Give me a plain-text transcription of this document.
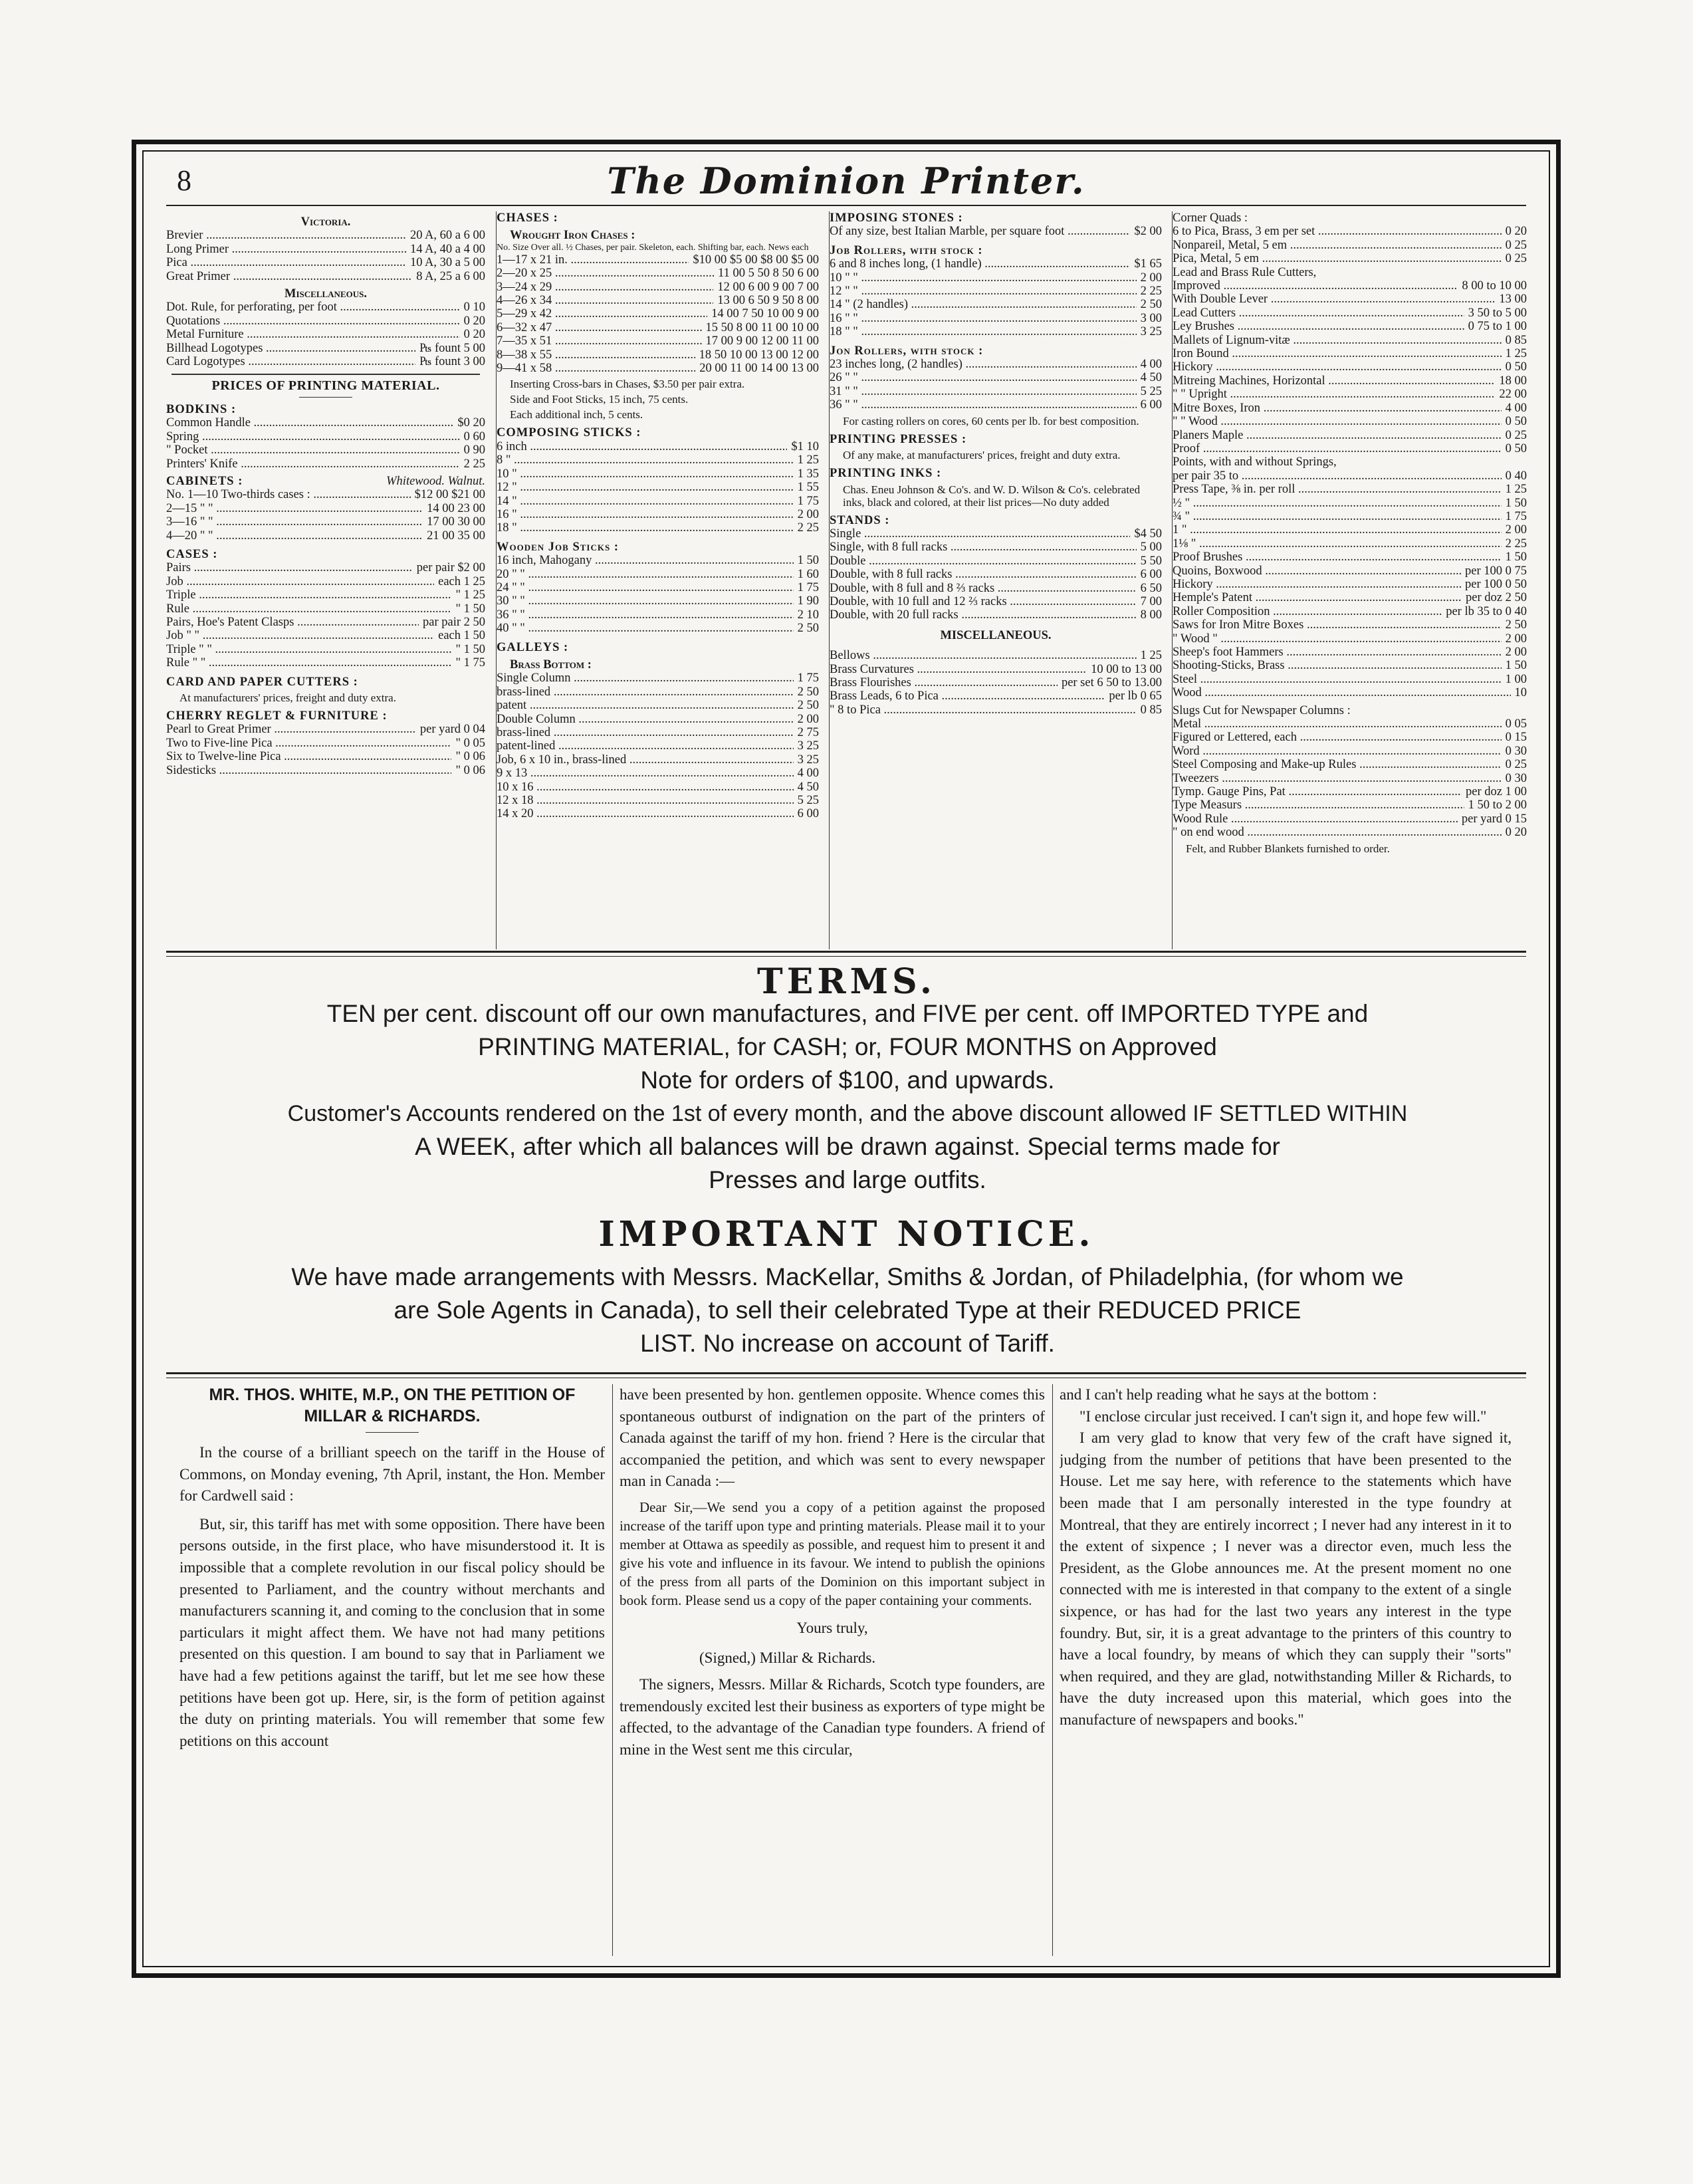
8	The Dominion Printer.
Victoria.
Brevier .....	20 A, 60 a 6 00
Long Primer .....	14 A, 40 a 4 00
Pica .....	10 A, 30 a 5 00
Great Primer .....	8 A, 25 a 6 00
Miscellaneous.
Dot. Rule, for perforating, per foot .....	0 10
Quotations .....	0 20
Metal Furniture .....	0 20
Billhead Logotypes .....	₧ fount 5 00
Card Logotypes .....	₧ fount 3 00
PRICES OF PRINTING MATERIAL.
BODKINS :
Common Handle .....	$0 20
Spring .....	0 60
" Pocket .....	0 90
Printers' Knife .....	2 25
CABINETS :	Whitewood. Walnut.
No. 1—10 Two-thirds cases : .....	$12 00 $21 00
2—15 " " .....	14 00 23 00
3—16 " " .....	17 00 30 00
4—20 " " .....	21 00 35 00
CASES :
Pairs .....	per pair $2 00
Job .....	each 1 25
Triple .....	" 1 25
Rule .....	" 1 50
Pairs, Hoe's Patent Clasps .....	par pair 2 50
Job " " .....	each 1 50
Triple " " .....	" 1 50
Rule " " .....	" 1 75
CARD AND PAPER CUTTERS :
At manufacturers' prices, freight and duty extra.
CHERRY REGLET & FURNITURE :
Pearl to Great Primer .....	per yard 0 04
Two to Five-line Pica .....	" 0 05
Six to Twelve-line Pica .....	" 0 06
Sidesticks .....	" 0 06
CHASES :
Wrought Iron Chases :
No. Size Over all. ½ Chases, per pair. Skeleton, each. Shifting bar, each. News each
1—17 x 21 in. .....	$10 00 $5 00 $8 00 $5 00
2—20 x 25 .....	11 00 5 50 8 50 6 00
3—24 x 29 .....	12 00 6 00 9 00 7 00
4—26 x 34 .....	13 00 6 50 9 50 8 00
5—29 x 42 .....	14 00 7 50 10 00 9 00
6—32 x 47 .....	15 50 8 00 11 00 10 00
7—35 x 51 .....	17 00 9 00 12 00 11 00
8—38 x 55 .....	18 50 10 00 13 00 12 00
9—41 x 58 .....	20 00 11 00 14 00 13 00
Inserting Cross-bars in Chases, $3.50 per pair extra.
Side and Foot Sticks, 15 inch, 75 cents.
Each additional inch, 5 cents.
COMPOSING STICKS :
6 inch .....	$1 10
8 " .....	1 25
10 " .....	1 35
12 " .....	1 55
14 " .....	1 75
16 " .....	2 00
18 " .....	2 25
Wooden Job Sticks :
16 inch, Mahogany .....	1 50
20 " " .....	1 60
24 " " .....	1 75
30 " " .....	1 90
36 " " .....	2 10
40 " " .....	2 50
GALLEYS :
Brass Bottom :
Single Column .....	1 75
brass-lined .....	2 50
patent .....	2 50
Double Column .....	2 00
brass-lined .....	2 75
patent-lined .....	3 25
Job, 6 x 10 in., brass-lined .....	3 25
9 x 13 .....	4 00
10 x 16 .....	4 50
12 x 18 .....	5 25
14 x 20 .....	6 00
IMPOSING STONES :
Of any size, best Italian Marble, per square foot .....	$2 00
Job Rollers, with stock :
6 and 8 inches long, (1 handle) .....	$1 65
10 " " .....	2 00
12 " " .....	2 25
14 " (2 handles) .....	2 50
16 " " .....	3 00
18 " " .....	3 25
Jon Rollers, with stock :
23 inches long, (2 handles) .....	4 00
26 " " .....	4 50
31 " " .....	5 25
36 " " .....	6 00
For casting rollers on cores, 60 cents per lb. for best composition.
PRINTING PRESSES :
Of any make, at manufacturers' prices, freight and duty extra.
PRINTING INKS :
Chas. Eneu Johnson & Co's. and W. D. Wilson & Co's. celebrated inks, black and colored, at their list prices—No duty added
STANDS :
Single .....	$4 50
Single, with 8 full racks .....	5 00
Double .....	5 50
Double, with 8 full racks .....	6 00
Double, with 8 full and 8 ⅔ racks .....	6 50
Double, with 10 full and 12 ⅔ racks .....	7 00
Double, with 20 full racks .....	8 00
MISCELLANEOUS.
Bellows .....	1 25
Brass Curvatures .....	10 00 to 13 00
Brass Flourishes .....	per set 6 50 to 13.00
Brass Leads, 6 to Pica .....	per lb 0 65
" 8 to Pica .....	0 85
Corner Quads :
6 to Pica, Brass, 3 em per set .....	0 20
Nonpareil, Metal, 5 em .....	0 25
Pica, Metal, 5 em .....	0 25
Lead and Brass Rule Cutters,
Improved .....	8 00 to 10 00
With Double Lever .....	13 00
Lead Cutters .....	3 50 to 5 00
Ley Brushes .....	0 75 to 1 00
Mallets of Lignum-vitæ .....	0 85
Iron Bound .....	1 25
Hickory .....	0 50
Mitreing Machines, Horizontal .....	18 00
" " Upright .....	22 00
Mitre Boxes, Iron .....	4 00
" " Wood .....	0 50
Planers Maple .....	0 25
Proof .....	0 50
Points, with and without Springs,
per pair 35 to .....	0 40
Press Tape, ⅜ in. per roll .....	1 25
½ " .....	1 50
¾ " .....	1 75
1 " .....	2 00
1⅛ " .....	2 25
Proof Brushes .....	1 50
Quoins, Boxwood .....	per 100 0 75
Hickory .....	per 100 0 50
Hemple's Patent .....	per doz 2 50
Roller Composition .....	per lb 35 to 0 40
Saws for Iron Mitre Boxes .....	2 50
" Wood " .....	2 00
Sheep's foot Hammers .....	2 00
Shooting-Sticks, Brass .....	1 50
Steel .....	1 00
Wood .....	10
Slugs Cut for Newspaper Columns :
Metal .....	0 05
Figured or Lettered, each .....	0 15
Word .....	0 30
Steel Composing and Make-up Rules .....	0 25
Tweezers .....	0 30
Tymp. Gauge Pins, Pat .....	per doz 1 00
Type Measurs .....	1 50 to 2 00
Wood Rule .....	per yard 0 15
" on end wood .....	0 20
Felt, and Rubber Blankets furnished to order.
TERMS.

TEN per cent. discount off our own manufactures, and FIVE per cent. off IMPORTED TYPE and

PRINTING MATERIAL, for CASH; or, FOUR MONTHS on Approved

Note for orders of $100, and upwards.

Customer's Accounts rendered on the 1st of every month, and the above discount allowed IF SETTLED WITHIN

A WEEK, after which all balances will be drawn against. Special terms made for

Presses and large outfits.

IMPORTANT NOTICE.

We have made arrangements with Messrs. MacKellar, Smiths & Jordan, of Philadelphia, (for whom we

are Sole Agents in Canada), to sell their celebrated Type at their REDUCED PRICE

LIST. No increase on account of Tariff.

MR. THOS. WHITE, M.P., ON THE PETITION OF MILLAR & RICHARDS.

In the course of a brilliant speech on the tariff in the House of Commons, on Monday evening, 7th April, instant, the Hon. Member for Cardwell said :

But, sir, this tariff has met with some opposition. There have been persons outside, in the first place, who have misunderstood it. It is impossible that a complete revolution in our fiscal policy should be presented to Parliament, and the country without merchants and manufacturers scanning it, and coming to the conclusion that in some particulars it might affect them. We have not had many petitions presented on this question. I am bound to say that in Parliament we have had a few petitions against the tariff, but let me see how these petitions have been got up. Here, sir, is the form of petition against the duty on printing materials. You will remember that some few petitions on this account

have been presented by hon. gentlemen opposite. Whence comes this spontaneous outburst of indignation on the part of the printers of Canada against the tariff of my hon. friend ? Here is the circular that accompanied the petition, and which was sent to every newspaper man in Canada :—

Dear Sir,—We send you a copy of a petition against the proposed increase of the tariff upon type and printing materials. Please mail it to your member at Ottawa as speedily as possible, and request him to present it and give his vote and influence in its favour. We intend to publish the opinions of the press from all parts of the Dominion on this important subject in book form. Please send us a copy of the paper containing your comments.

Yours truly,

(Signed,) Millar & Richards.

The signers, Messrs. Millar & Richards, Scotch type founders, are tremendously excited lest their business as exporters of type might be affected, to the advantage of the Canadian type founders. A friend of mine in the West sent me this circular,

and I can't help reading what he says at the bottom :

"I enclose circular just received. I can't sign it, and hope few will."

I am very glad to know that very few of the craft have signed it, judging from the number of petitions that have been presented to the House. Let me say here, with reference to the statements which have been made that I am personally interested in the type foundry at Montreal, that they are entirely incorrect ; I never had any interest in it to the extent of sixpence ; I never was a director even, much less the President, as the Globe announces me. At the present moment no one connected with me is interested in that company to the extent of a single sixpence, or has had for the last two years any interest in the type foundry. But, sir, it is a great advantage to the printers of this country to have a local foundry, by means of which they can supply their "sorts" when required, and they are glad, notwithstanding Miller & Richards, to have the duty increased upon this material, which goes into the manufacture of newspapers and books."
